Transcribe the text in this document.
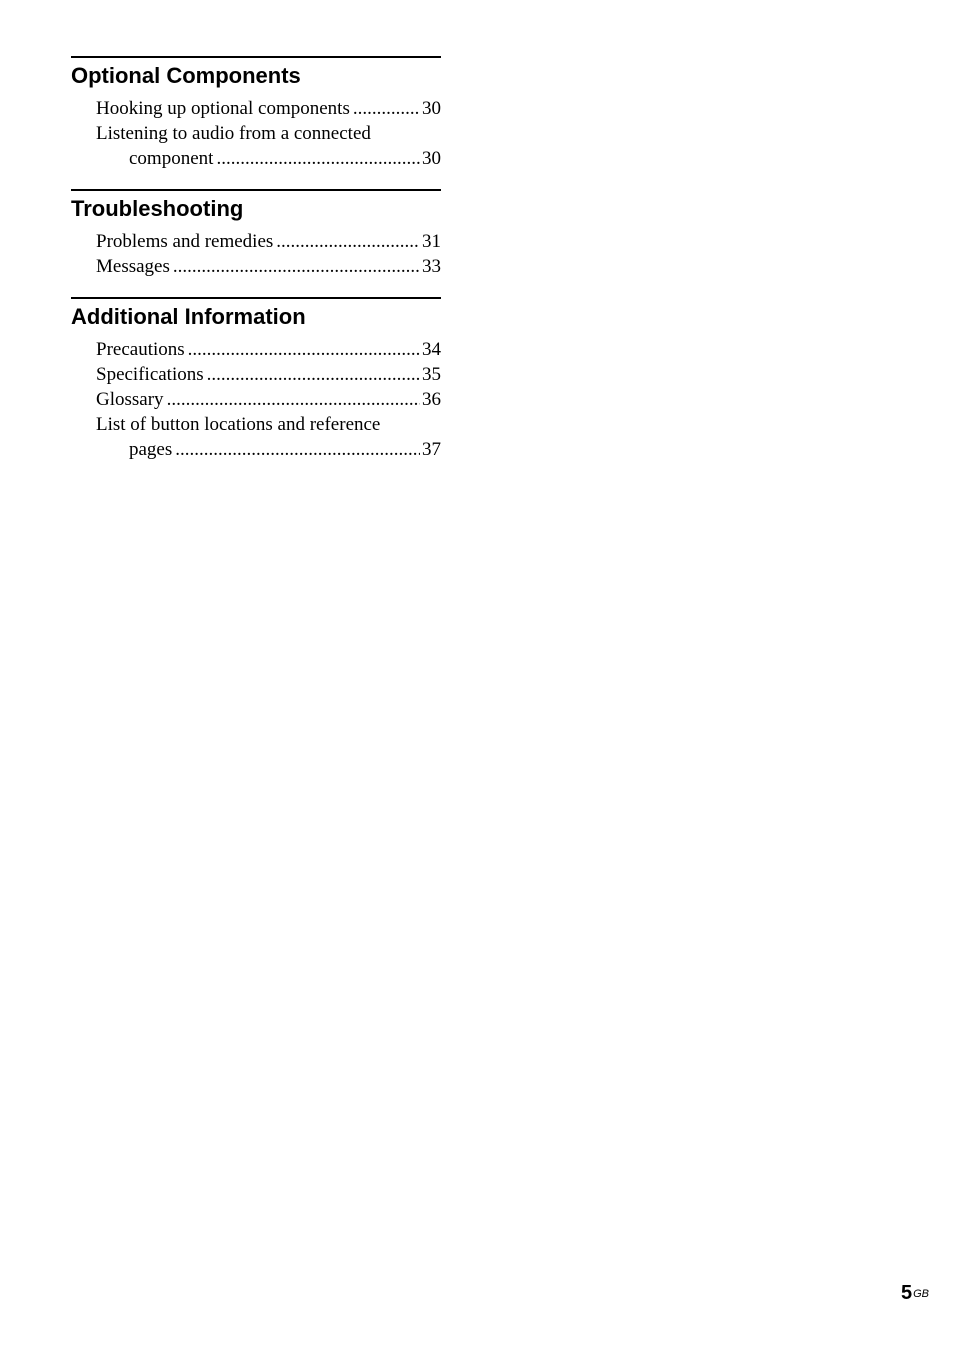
Optional Components
Hooking up optional components .....	30
Listening to audio from a connected
component .....	30
Troubleshooting
Problems and remedies .....	31
Messages .....	33
Additional Information
Precautions .....	34
Specifications .....	35
Glossary .....	36
List of button locations and reference
pages .....	37
$5^{GB}$
